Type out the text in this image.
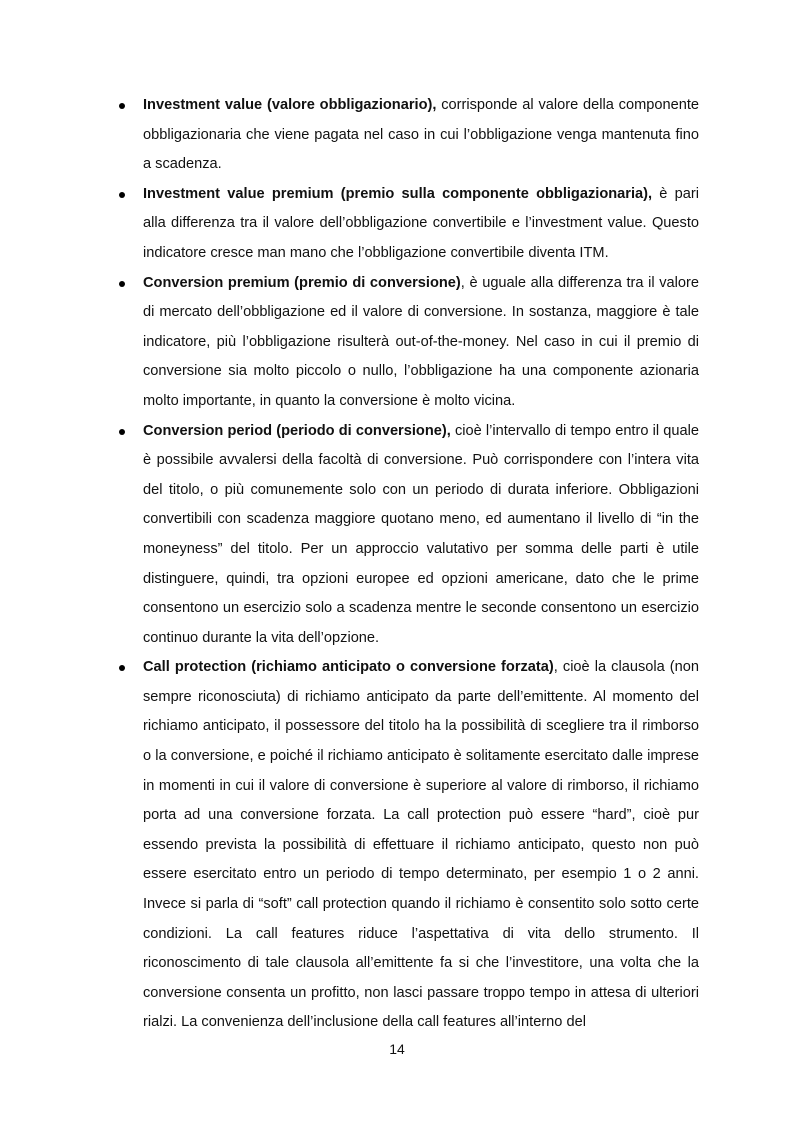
Investment value (valore obbligazionario), corrisponde al valore della componente obbligazionaria che viene pagata nel caso in cui l’obbligazione venga mantenuta fino a scadenza.
Investment value premium (premio sulla componente obbligazionaria), è pari alla differenza tra il valore dell’obbligazione convertibile e l’investment value. Questo indicatore cresce man mano che l’obbligazione convertibile diventa ITM.
Conversion premium (premio di conversione), è uguale alla differenza tra il valore di mercato dell’obbligazione ed il valore di conversione. In sostanza, maggiore è tale indicatore, più l’obbligazione risulterà out-of-the-money. Nel caso in cui il premio di conversione sia molto piccolo o nullo, l’obbligazione ha una componente azionaria molto importante, in quanto la conversione è molto vicina.
Conversion period (periodo di conversione), cioè l’intervallo di tempo entro il quale è possibile avvalersi della facoltà di conversione. Può corrispondere con l’intera vita del titolo, o più comunemente solo con un periodo di durata inferiore. Obbligazioni convertibili con scadenza maggiore quotano meno, ed aumentano il livello di “in the moneyness” del titolo. Per un approccio valutativo per somma delle parti è utile distinguere, quindi, tra opzioni europee ed opzioni americane, dato che le prime consentono un esercizio solo a scadenza mentre le seconde consentono un esercizio continuo durante la vita dell’opzione.
Call protection (richiamo anticipato o conversione forzata), cioè la clausola (non sempre riconosciuta) di richiamo anticipato da parte dell’emittente. Al momento del richiamo anticipato, il possessore del titolo ha la possibilità di scegliere tra il rimborso o la conversione, e poiché il richiamo anticipato è solitamente esercitato dalle imprese in momenti in cui il valore di conversione è superiore al valore di rimborso, il richiamo porta ad una conversione forzata. La call protection può essere “hard”, cioè pur essendo prevista la possibilità di effettuare il richiamo anticipato, questo non può essere esercitato entro un periodo di tempo determinato, per esempio 1 o 2 anni. Invece si parla di “soft” call protection quando il richiamo è consentito solo sotto certe condizioni. La call features riduce l’aspettativa di vita dello strumento. Il riconoscimento di tale clausola all’emittente fa si che l’investitore, una volta che la conversione consenta un profitto, non lasci passare troppo tempo in attesa di ulteriori rialzi. La convenienza dell’inclusione della call features all’interno del
14
